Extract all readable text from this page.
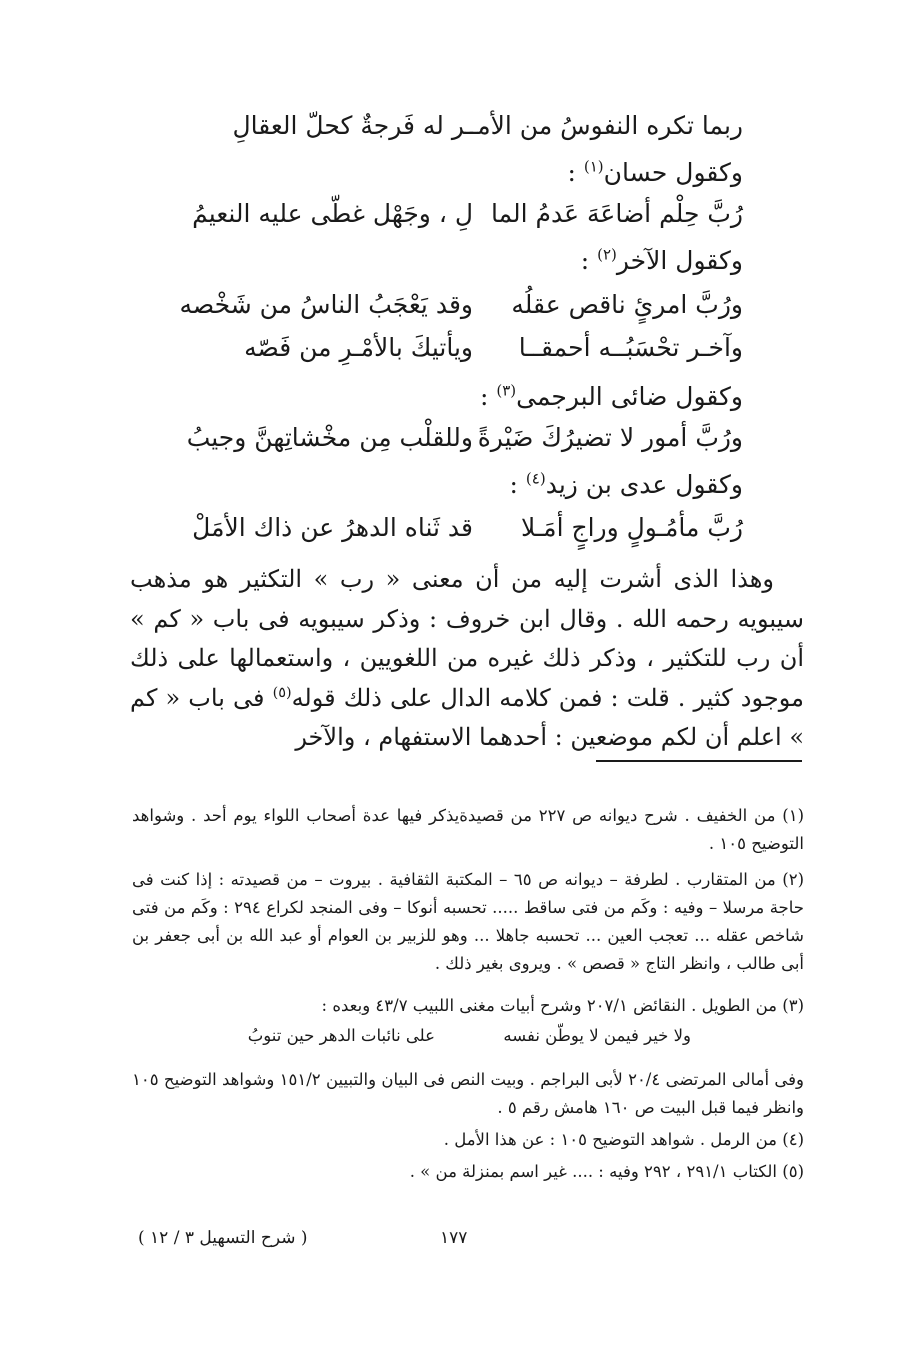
ربما تكره النفوسُ من الأمـ
ـر له فَرجةٌ كحلّ العقالِ
وكقول حسان$^{(١)}$ :
رُبَّ حِلْم أضاعَهَ عَدمُ الما
لِ ، وجَهْل غطّى عليه النعيمُ
وكقول الآخر$^{(٢)}$ :
ورُبَّ امرئٍ ناقص عقلُه
وقد يَعْجَبُ الناسُ من شَخْصه
وآخـر تحْسَبُــه أحمقــا
ويأتيكَ بالأمْـرِ من فَصّه
وكقول ضائى البرجمى$^{(٣)}$ :
ورُبَّ أمور لا تضيرُكَ ضَيْرةً
وللقلْب مِن مخْشاتِهنَّ وجيبُ
وكقول عدى بن زيد$^{(٤)}$ :
رُبَّ مأمُـولٍ وراجٍ أمَـلا
قد ثَناه الدهرُ عن ذاك الأمَلْ
وهذا الذى أشرت إليه من أن معنى « رب » التكثير هو مذهب سيبويه رحمه الله . وقال ابن خروف : وذكر سيبويه فى باب « كم » أن رب للتكثير ، وذكر ذلك غيره من اللغويين ، واستعمالها على ذلك موجود كثير . قلت : فمن كلامه الدال على ذلك قوله$^{(٥)}$ فى باب « كم » اعلم أن لكم موضعين : أحدهما الاستفهام ، والآخر
(١) من الخفيف . شرح ديوانه ص ٢٢٧ من قصيدةيذكر فيها عدة أصحاب اللواء يوم أحد . وشواهد التوضيح ١٠٥ .
(٢) من المتقارب . لطرفة – ديوانه ص ٦٥ – المكتبة الثقافية . بيروت – من قصيدته : إذا كنت فى حاجة مرسلا – وفيه : وكَم من فتى ساقط ..... تحسبه أنوكا – وفى المنجد لكراع ٢٩٤ : وكَم من فتى شاخص عقله ... تعجب العين ... تحسبه جاهلا ... وهو للزبير بن العوام أو عبد الله بن أبى جعفر بن أبى طالب ، وانظر التاج « قصص » . ويروى بغير ذلك .
(٣) من الطويل . النقائض ٢٠٧/١ وشرح أبيات مغنى اللبيب ٤٣/٧ وبعده :
ولا خير فيمن لا يوطّن نفسه
على نائبات الدهر حين تنوبُ
وفى أمالى المرتضى ٢٠/٤ لأبى البراجم . وبيت النص فى البيان والتبيين ١٥١/٢ وشواهد التوضيح ١٠٥ وانظر فيما قبل البيت ص ١٦٠ هامش رقم ٥ .
(٤) من الرمل . شواهد التوضيح ١٠٥ : عن هذا الأمل .
(٥) الكتاب ٢٩١/١ ، ٢٩٢ وفيه : .... غير اسم بمنزلة من » .
١٧٧
( شرح التسهيل ٣ / ١٢ )
